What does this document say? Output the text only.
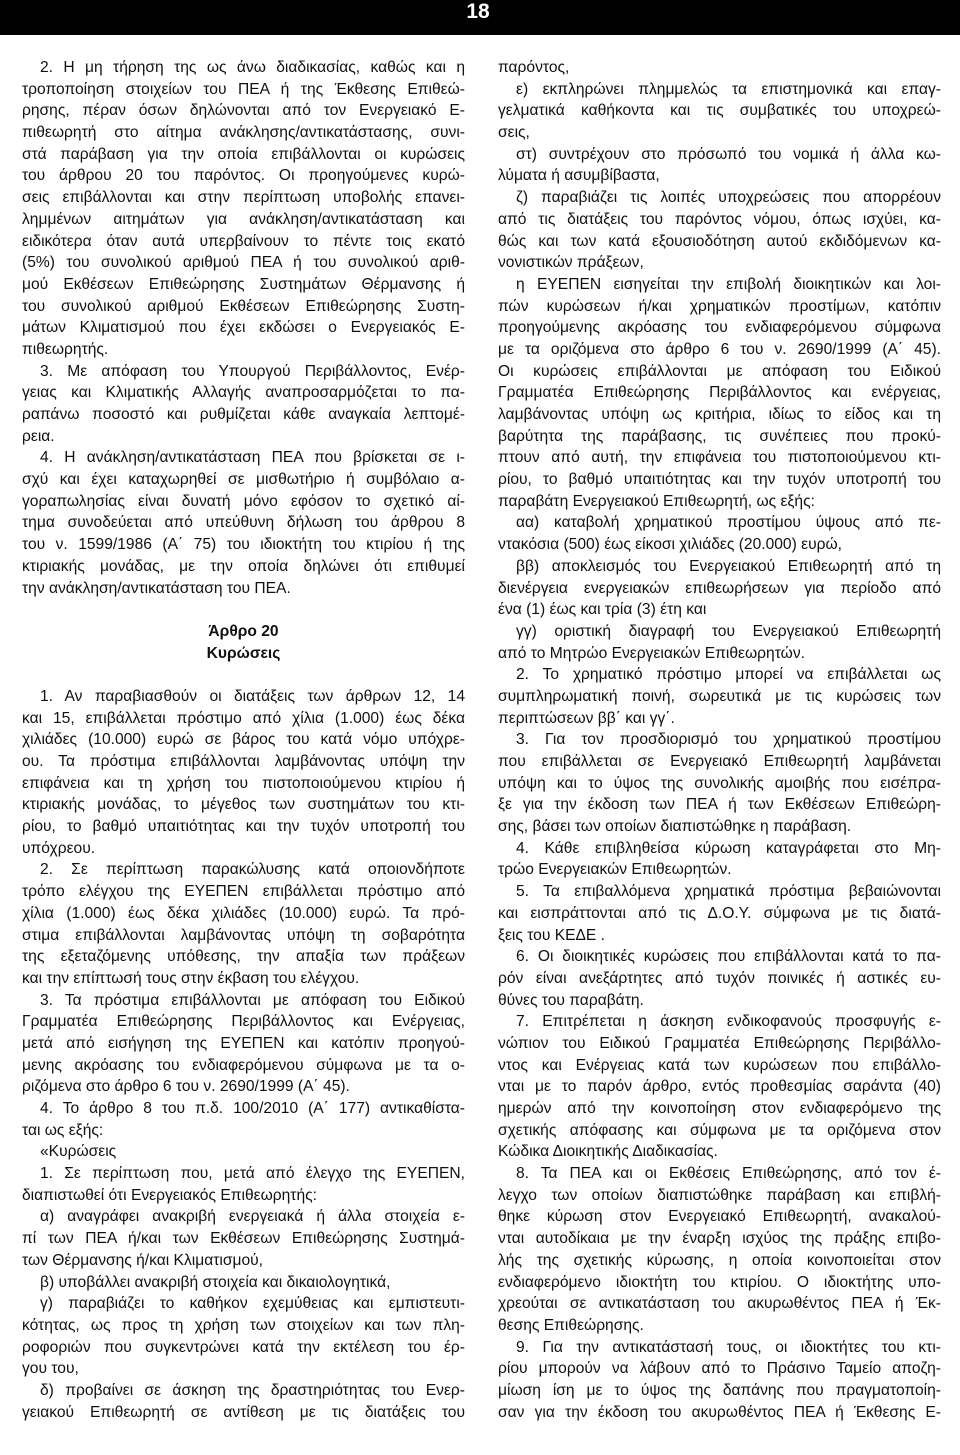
18
2. Η μη τήρηση της ως άνω διαδικασίας, καθώς και η
τροποποίηση στοιχείων του ΠΕΑ ή της Έκθεσης Επιθεώ-
ρησης, πέραν όσων δηλώνονται από τον Ενεργειακό Ε-
πιθεωρητή στο αίτημα ανάκλησης/αντικατάστασης, συνι-
στά παράβαση για την οποία επιβάλλονται οι κυρώσεις
του άρθρου 20 του παρόντος. Οι προηγούμενες κυρώ-
σεις επιβάλλονται και στην περίπτωση υποβολής επανει-
λημμένων αιτημάτων για ανάκληση/αντικατάσταση και
ειδικότερα όταν αυτά υπερβαίνουν το πέντε τοις εκατό
(5%) του συνολικού αριθμού ΠΕΑ ή του συνολικού αριθ-
μού Εκθέσεων Επιθεώρησης Συστημάτων Θέρμανσης ή
του συνολικού αριθμού Εκθέσεων Επιθεώρησης Συστη-
μάτων Κλιματισμού που έχει εκδώσει ο Ενεργειακός Ε-
πιθεωρητής.
3. Με απόφαση του Υπουργού Περιβάλλοντος, Ενέρ-
γειας και Κλιματικής Αλλαγής αναπροσαρμόζεται το πα-
ραπάνω ποσοστό και ρυθμίζεται κάθε αναγκαία λεπτομέ-
ρεια.
4. Η ανάκληση/αντικατάσταση ΠΕΑ που βρίσκεται σε ι-
σχύ και έχει καταχωρηθεί σε μισθωτήριο ή συμβόλαιο α-
γοραπωλησίας είναι δυνατή μόνο εφόσον το σχετικό αί-
τημα συνοδεύεται από υπεύθυνη δήλωση του άρθρου 8
του ν. 1599/1986 (Α΄ 75) του ιδιοκτήτη του κτιρίου ή της
κτιριακής μονάδας, με την οποία δηλώνει ότι επιθυμεί
την ανάκληση/αντικατάσταση του ΠΕΑ.
Άρθρο 20
Κυρώσεις
1. Αν παραβιασθούν οι διατάξεις των άρθρων 12, 14
και 15, επιβάλλεται πρόστιμο από χίλια (1.000) έως δέκα
χιλιάδες (10.000) ευρώ σε βάρος του κατά νόμο υπόχρε-
ου. Τα πρόστιμα επιβάλλονται λαμβάνοντας υπόψη την
επιφάνεια και τη χρήση του πιστοποιούμενου κτιρίου ή
κτιριακής μονάδας, το μέγεθος των συστημάτων του κτι-
ρίου, το βαθμό υπαιτιότητας και την τυχόν υποτροπή του
υπόχρεου.
2. Σε περίπτωση παρακώλυσης κατά οποιονδήποτε
τρόπο ελέγχου της ΕΥΕΠΕΝ επιβάλλεται πρόστιμο από
χίλια (1.000) έως δέκα χιλιάδες (10.000) ευρώ. Τα πρό-
στιμα επιβάλλονται λαμβάνοντας υπόψη τη σοβαρότητα
της εξεταζόμενης υπόθεσης, την απαξία των πράξεων
και την επίπτωσή τους στην έκβαση του ελέγχου.
3. Τα πρόστιμα επιβάλλονται με απόφαση του Ειδικού
Γραμματέα Επιθεώρησης Περιβάλλοντος και Ενέργειας,
μετά από εισήγηση της ΕΥΕΠΕΝ και κατόπιν προηγού-
μενης ακρόασης του ενδιαφερόμενου σύμφωνα με τα ο-
ριζόμενα στο άρθρο 6 του ν. 2690/1999 (Α΄ 45).
4. Το άρθρο 8 του π.δ. 100/2010 (Α΄ 177) αντικαθίστα-
ται ως εξής:
«Κυρώσεις
1. Σε περίπτωση που, μετά από έλεγχο της ΕΥΕΠΕΝ,
διαπιστωθεί ότι Ενεργειακός Επιθεωρητής:
α) αναγράφει ανακριβή ενεργειακά ή άλλα στοιχεία ε-
πί των ΠΕΑ ή/και των Εκθέσεων Επιθεώρησης Συστημά-
των Θέρμανσης ή/και Κλιματισμού,
β) υποβάλλει ανακριβή στοιχεία και δικαιολογητικά,
γ) παραβιάζει το καθήκον εχεμύθειας και εμπιστευτι-
κότητας, ως προς τη χρήση των στοιχείων και των πλη-
ροφοριών που συγκεντρώνει κατά την εκτέλεση του έρ-
γου του,
δ) προβαίνει σε άσκηση της δραστηριότητας του Ενερ-
γειακού Επιθεωρητή σε αντίθεση με τις διατάξεις του
παρόντος,
ε) εκπληρώνει πλημμελώς τα επιστημονικά και επαγ-
γελματικά καθήκοντα και τις συμβατικές του υποχρεώ-
σεις,
στ) συντρέχουν στο πρόσωπό του νομικά ή άλλα κω-
λύματα ή ασυμβίβαστα,
ζ) παραβιάζει τις λοιπές υποχρεώσεις που απορρέουν
από τις διατάξεις του παρόντος νόμου, όπως ισχύει, κα-
θώς και των κατά εξουσιοδότηση αυτού εκδιδόμενων κα-
νονιστικών πράξεων,
η ΕΥΕΠΕΝ εισηγείται την επιβολή διοικητικών και λοι-
πών κυρώσεων ή/και χρηματικών προστίμων, κατόπιν
προηγούμενης ακρόασης του ενδιαφερόμενου σύμφωνα
με τα οριζόμενα στο άρθρο 6 του ν. 2690/1999 (Α΄ 45).
Οι κυρώσεις επιβάλλονται με απόφαση του Ειδικού
Γραμματέα Επιθεώρησης Περιβάλλοντος και ενέργειας,
λαμβάνοντας υπόψη ως κριτήρια, ιδίως το είδος και τη
βαρύτητα της παράβασης, τις συνέπειες που προκύ-
πτουν από αυτή, την επιφάνεια του πιστοποιούμενου κτι-
ρίου, το βαθμό υπαιτιότητας και την τυχόν υποτροπή του
παραβάτη Ενεργειακού Επιθεωρητή, ως εξής:
αα) καταβολή χρηματικού προστίμου ύψους από πε-
ντακόσια (500) έως είκοσι χιλιάδες (20.000) ευρώ,
ββ) αποκλεισμός του Ενεργειακού Επιθεωρητή από τη
διενέργεια ενεργειακών επιθεωρήσεων για περίοδο από
ένα (1) έως και τρία (3) έτη και
γγ) οριστική διαγραφή του Ενεργειακού Επιθεωρητή
από το Μητρώο Ενεργειακών Επιθεωρητών.
2. Το χρηματικό πρόστιμο μπορεί να επιβάλλεται ως
συμπληρωματική ποινή, σωρευτικά με τις κυρώσεις των
περιπτώσεων ββ΄ και γγ΄.
3. Για τον προσδιορισμό του χρηματικού προστίμου
που επιβάλλεται σε Ενεργειακό Επιθεωρητή λαμβάνεται
υπόψη και το ύψος της συνολικής αμοιβής που εισέπρα-
ξε για την έκδοση των ΠΕΑ ή των Εκθέσεων Επιθεώρη-
σης, βάσει των οποίων διαπιστώθηκε η παράβαση.
4. Κάθε επιβληθείσα κύρωση καταγράφεται στο Μη-
τρώο Ενεργειακών Επιθεωρητών.
5. Τα επιβαλλόμενα χρηματικά πρόστιμα βεβαιώνονται
και εισπράττονται από τις Δ.Ο.Υ. σύμφωνα με τις διατά-
ξεις του ΚΕΔΕ .
6. Οι διοικητικές κυρώσεις που επιβάλλονται κατά το πα-
ρόν είναι ανεξάρτητες από τυχόν ποινικές ή αστικές ευ-
θύνες του παραβάτη.
7. Επιτρέπεται η άσκηση ενδικοφανούς προσφυγής ε-
νώπιον του Ειδικού Γραμματέα Επιθεώρησης Περιβάλλο-
ντος και Ενέργειας κατά των κυρώσεων που επιβάλλο-
νται με το παρόν άρθρο, εντός προθεσμίας σαράντα (40)
ημερών από την κοινοποίηση στον ενδιαφερόμενο της
σχετικής απόφασης και σύμφωνα με τα οριζόμενα στον
Κώδικα Διοικητικής Διαδικασίας.
8. Τα ΠΕΑ και οι Εκθέσεις Επιθεώρησης, από τον έ-
λεγχο των οποίων διαπιστώθηκε παράβαση και επιβλή-
θηκε κύρωση στον Ενεργειακό Επιθεωρητή, ανακαλού-
νται αυτοδίκαια με την έναρξη ισχύος της πράξης επιβο-
λής της σχετικής κύρωσης, η οποία κοινοποιείται στον
ενδιαφερόμενο ιδιοκτήτη του κτιρίου. Ο ιδιοκτήτης υπο-
χρεούται σε αντικατάσταση του ακυρωθέντος ΠΕΑ ή Έκ-
θεσης Επιθεώρησης.
9. Για την αντικατάστασή τους, οι ιδιοκτήτες του κτι-
ρίου μπορούν να λάβουν από το Πράσινο Ταμείο αποζη-
μίωση ίση με το ύψος της δαπάνης που πραγματοποίη-
σαν για την έκδοση του ακυρωθέντος ΠΕΑ ή Έκθεσης Ε-
